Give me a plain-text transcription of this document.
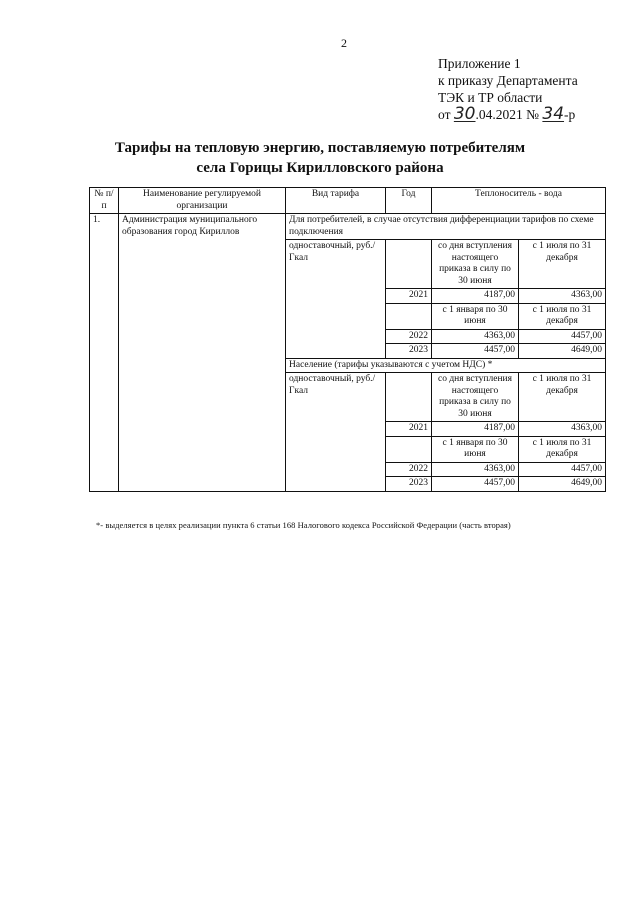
2
Приложение 1
к приказу Департамента
ТЭК и ТР области
от 30.04.2021 № 34-р
Тарифы на тепловую энергию, поставляемую потребителям
села Горицы Кирилловского района
№ п/п	Наименование регулируемой организации	Вид тарифа	Год	Теплоноситель - вода	
1.	Администрация муниципального образования город Кириллов	Для потребителей, в случае отсутствия дифференциации тарифов по схеме подключения			
		одноставочный, руб./Гкал		со дня вступления настоящего приказа в силу по 30 июня	с 1 июля по 31 декабря
			2021	4187,00	4363,00
				с 1 января по 30 июня	с 1 июля по 31 декабря
			2022	4363,00	4457,00
			2023	4457,00	4649,00
		Население (тарифы указываются с учетом НДС) *			
		одноставочный, руб./Гкал		со дня вступления настоящего приказа в силу по 30 июня	с 1 июля по 31 декабря
			2021	4187,00	4363,00
				с 1 января по 30 июня	с 1 июля по 31 декабря
			2022	4363,00	4457,00
			2023	4457,00	4649,00
*- выделяется в целях реализации пункта 6 статьи 168 Налогового кодекса Российской Федерации (часть вторая)
